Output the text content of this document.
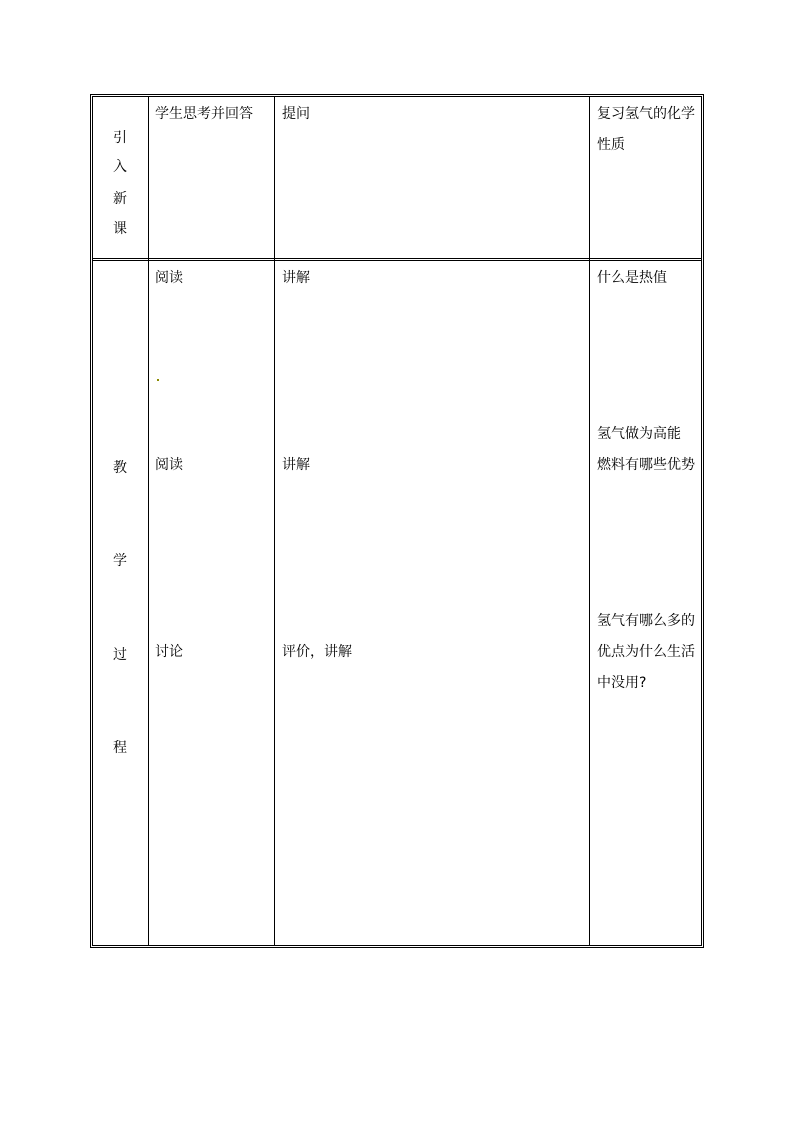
引
入
新
课
学生思考并回答 提问	复习氢气的化学
性质
教
学
过
程
阅读
阅读
讨论
讲解
讲解
评价，讲解
什么是热值
氢气做为高能
燃料有哪些优势
氢气有哪么多的
优点为什么生活
中没用?
